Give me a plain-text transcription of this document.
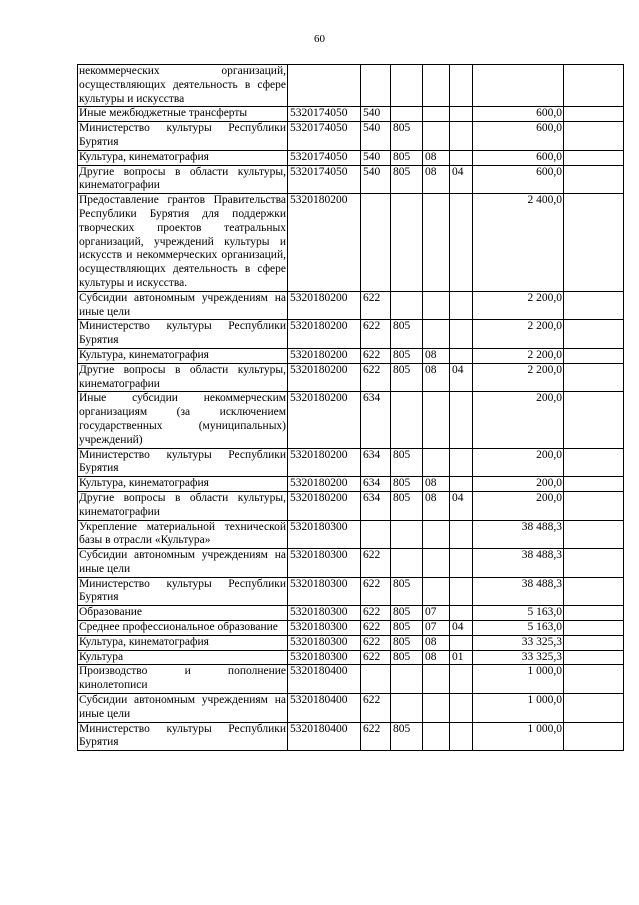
60
некоммерческих организаций, осуществляющих деятельность в сфере культуры и искусства							
Иные межбюджетные трансферты	5320174050	540				600,0	
Министерство культуры Республики Бурятия	5320174050	540	805			600,0	
Культура, кинематография	5320174050	540	805	08		600,0	
Другие вопросы в области культуры, кинематографии	5320174050	540	805	08	04	600,0	
Предоставление грантов Правительства Республики Бурятия для поддержки творческих проектов театральных организаций, учреждений культуры и искусств и некоммерческих организаций, осуществляющих деятельность в сфере культуры и искусства.	5320180200					2 400,0	
Субсидии автономным учреждениям на иные цели	5320180200	622				2 200,0	
Министерство культуры Республики Бурятия	5320180200	622	805			2 200,0	
Культура, кинематография	5320180200	622	805	08		2 200,0	
Другие вопросы в области культуры, кинематографии	5320180200	622	805	08	04	2 200,0	
Иные субсидии некоммерческим организациям (за исключением государственных (муниципальных) учреждений)	5320180200	634				200,0	
Министерство культуры Республики Бурятия	5320180200	634	805			200,0	
Культура, кинематография	5320180200	634	805	08		200,0	
Другие вопросы в области культуры, кинематографии	5320180200	634	805	08	04	200,0	
Укрепление материальной технической базы в отрасли «Культура»	5320180300					38 488,3	
Субсидии автономным учреждениям на иные цели	5320180300	622				38 488,3	
Министерство культуры Республики Бурятия	5320180300	622	805			38 488,3	
Образование	5320180300	622	805	07		5 163,0	
Среднее профессиональное образование	5320180300	622	805	07	04	5 163,0	
Культура, кинематография	5320180300	622	805	08		33 325,3	
Культура	5320180300	622	805	08	01	33 325,3	
Производство и пополнение кинолетописи	5320180400					1 000,0	
Субсидии автономным учреждениям на иные цели	5320180400	622				1 000,0	
Министерство культуры Республики Бурятия	5320180400	622	805			1 000,0	
